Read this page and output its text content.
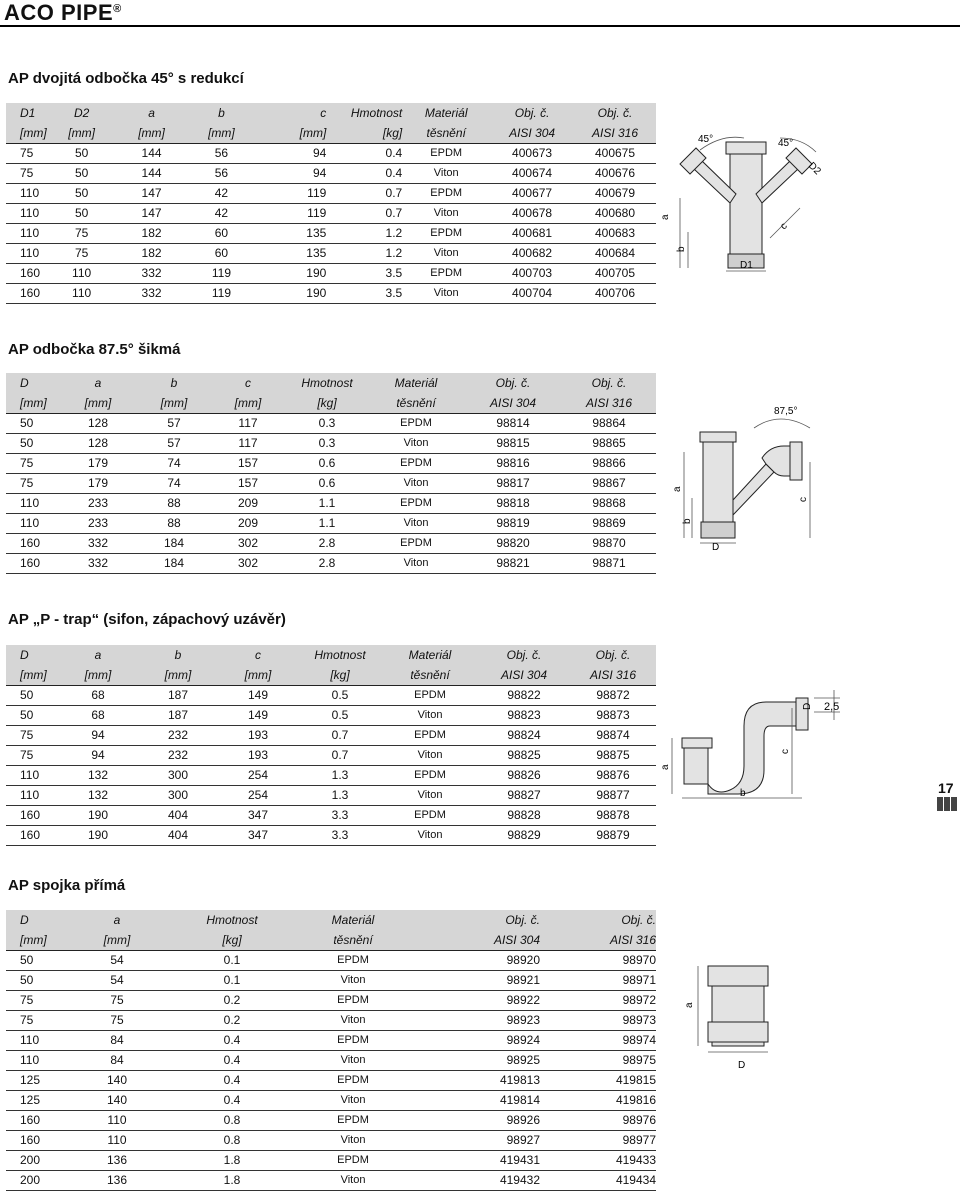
ACO PIPE®
AP dvojitá odbočka 45° s redukcí
D1	D2	a	b	c	Hmotnost	Materiál	Obj. č.	Obj. č.
[mm]	[mm]	[mm]	[mm]	[mm]	[kg]	těsnění	AISI 304	AISI 316
75	50	144	56	94	0.4	EPDM	400673	400675
75	50	144	56	94	0.4	Viton	400674	400676
110	50	147	42	119	0.7	EPDM	400677	400679
110	50	147	42	119	0.7	Viton	400678	400680
110	75	182	60	135	1.2	EPDM	400681	400683
110	75	182	60	135	1.2	Viton	400682	400684
160	110	332	119	190	3.5	EPDM	400703	400705
160	110	332	119	190	3.5	Viton	400704	400706
45°	45°
D2
a
b
c
D1
AP odbočka 87.5° šikmá
D	a	b	c	Hmotnost	Materiál	Obj. č.	Obj. č.
[mm]	[mm]	[mm]	[mm]	[kg]	těsnění	AISI 304	AISI 316
50	128	57	117	0.3	EPDM	98814	98864
50	128	57	117	0.3	Viton	98815	98865
75	179	74	157	0.6	EPDM	98816	98866
75	179	74	157	0.6	Viton	98817	98867
110	233	88	209	1.1	EPDM	98818	98868
110	233	88	209	1.1	Viton	98819	98869
160	332	184	302	2.8	EPDM	98820	98870
160	332	184	302	2.8	Viton	98821	98871
87,5°
a
b
c
D
AP „P - trap“ (sifon, zápachový uzávěr)
D	a	b	c	Hmotnost	Materiál	Obj. č.	Obj. č.
[mm]	[mm]	[mm]	[mm]	[kg]	těsnění	AISI 304	AISI 316
50	68	187	149	0.5	EPDM	98822	98872
50	68	187	149	0.5	Viton	98823	98873
75	94	232	193	0.7	EPDM	98824	98874
75	94	232	193	0.7	Viton	98825	98875
110	132	300	254	1.3	EPDM	98826	98876
110	132	300	254	1.3	Viton	98827	98877
160	190	404	347	3.3	EPDM	98828	98878
160	190	404	347	3.3	Viton	98829	98879
2,5
a
c
D
b	17
AP spojka přímá
D	a	Hmotnost	Materiál	Obj. č.	Obj. č.
[mm]	[mm]	[kg]	těsnění	AISI 304	AISI 316
50	54	0.1	EPDM	98920	98970
50	54	0.1	Viton	98921	98971
75	75	0.2	EPDM	98922	98972
75	75	0.2	Viton	98923	98973
110	84	0.4	EPDM	98924	98974
110	84	0.4	Viton	98925	98975
125	140	0.4	EPDM	419813	419815
125	140	0.4	Viton	419814	419816
160	110	0.8	EPDM	98926	98976
160	110	0.8	Viton	98927	98977
200	136	1.8	EPDM	419431	419433
200	136	1.8	Viton	419432	419434
a
D
